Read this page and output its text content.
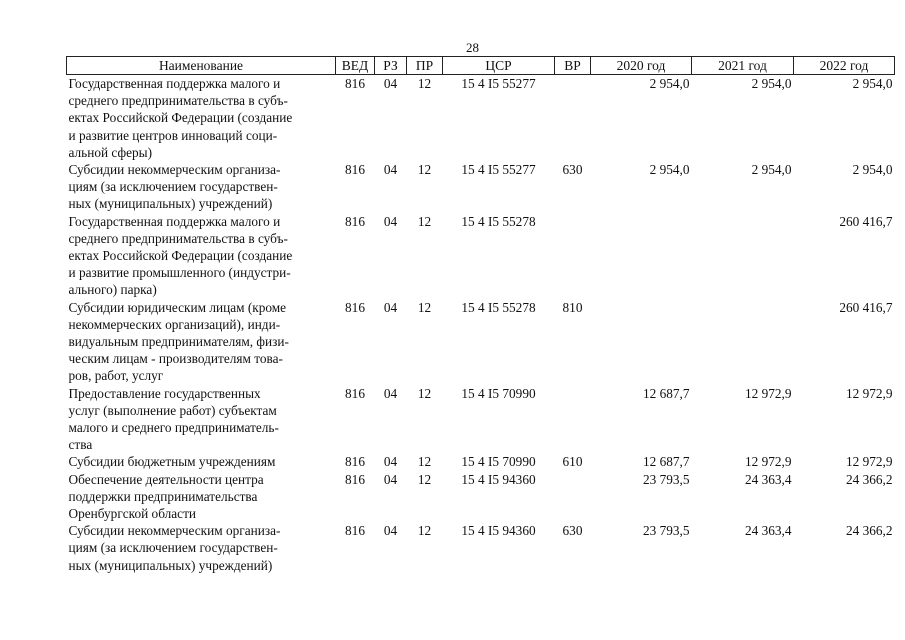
28
Наименование	ВЕД	РЗ	ПР	ЦСР	ВР	2020 год	2021 год	2022 год

Государственная поддержка малого и
среднего предпринимательства в субъ-
ектах Российской Федерации (создание
и развитие центров инноваций соци-
альной сферы)	816	04	12	15 4 I5 55277		2 954,0	2 954,0	2 954,0

Субсидии некоммерческим организа-
циям (за исключением государствен-
ных (муниципальных) учреждений)	816	04	12	15 4 I5 55277	630	2 954,0	2 954,0	2 954,0

Государственная поддержка малого и
среднего предпринимательства в субъ-
ектах Российской Федерации (создание
и развитие промышленного (индустри-
ального) парка)	816	04	12	15 4 I5 55278				260 416,7

Субсидии юридическим лицам (кроме
некоммерческих организаций), инди-
видуальным предпринимателям, физи-
ческим лицам - производителям това-
ров, работ, услуг	816	04	12	15 4 I5 55278	810			260 416,7

Предоставление государственных
услуг (выполнение работ) субъектам
малого и среднего предприниматель-
ства	816	04	12	15 4 I5 70990		12 687,7	12 972,9	12 972,9

Субсидии бюджетным учреждениям	816	04	12	15 4 I5 70990	610	12 687,7	12 972,9	12 972,9

Обеспечение деятельности центра
поддержки предпринимательства
Оренбургской области	816	04	12	15 4 I5 94360		23 793,5	24 363,4	24 366,2

Субсидии некоммерческим организа-
циям (за исключением государствен-
ных (муниципальных) учреждений)	816	04	12	15 4 I5 94360	630	23 793,5	24 363,4	24 366,2
